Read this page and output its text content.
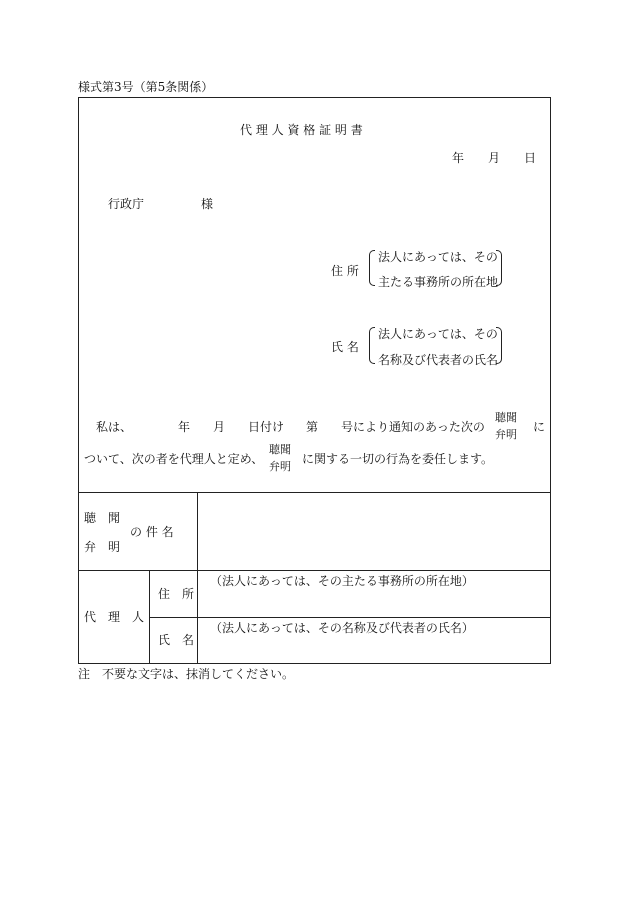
様式第3号（第5条関係）
代 理 人 資 格 証 明 書
年 月 日
行政庁	様
住 所
法人にあっては、その
主たる事務所の所在地
氏 名
法人にあっては、その
名称及び代表者の氏名
私は、	年 月 日付け 第 号により通知のあった次の
聴聞
弁明
に
ついて、次の者を代理人と定め、
聴聞
弁明
に関する一切の行為を委任します。
聴　聞
の 件 名
弁　明
代　理　人
住　所
（法人にあっては、その主たる事務所の所在地）
氏　名
（法人にあっては、その名称及び代表者の氏名）
注　不要な文字は、抹消してください。
